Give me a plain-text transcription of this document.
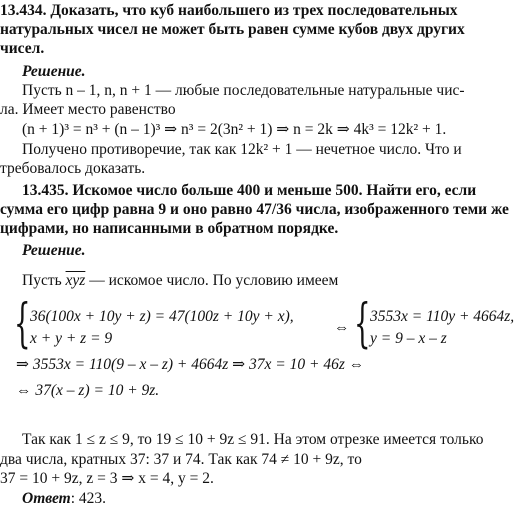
13.434. Доказать, что куб наибольшего из трех последовательных
натуральных чисел не может быть равен сумме кубов двух других
чисел.
Решение.
Пусть n – 1, n, n + 1 — любые последовательные натуральные чис-
ла. Имеет место равенство
(n + 1)³ = n³ + (n – 1)³ ⇒ n³ = 2(3n² + 1) ⇒ n = 2k ⇒ 4k³ = 12k² + 1.
Получено противоречие, так как 12k² + 1 — нечетное число. Что и
требовалось доказать.
13.435. Искомое число больше 400 и меньше 500. Найти его, если
сумма его цифр равна 9 и оно равно 47/36 числа, изображенного теми же
цифрами, но написанными в обратном порядке.
Решение.
Пусть $\overline{xyz}$ — искомое число. По условию имеем
{ 36(100x + 10y + z) = 47(100z + 10y + x),
x + y + z = 9
⇔ { 3553x = 110y + 4664z,
y = 9 – x – z
⇒ 3553x = 110(9 – x – z) + 4664z ⇒ 37x = 10 + 46z ⇔
⇔ 37(x – z) = 10 + 9z.
Так как 1 ≤ z ≤ 9, то 19 ≤ 10 + 9z ≤ 91. На этом отрезке имеется только
два числа, кратных 37: 37 и 74. Так как 74 ≠ 10 + 9z, то
37 = 10 + 9z, z = 3 ⇒ x = 4, y = 2.
Ответ: 423.
